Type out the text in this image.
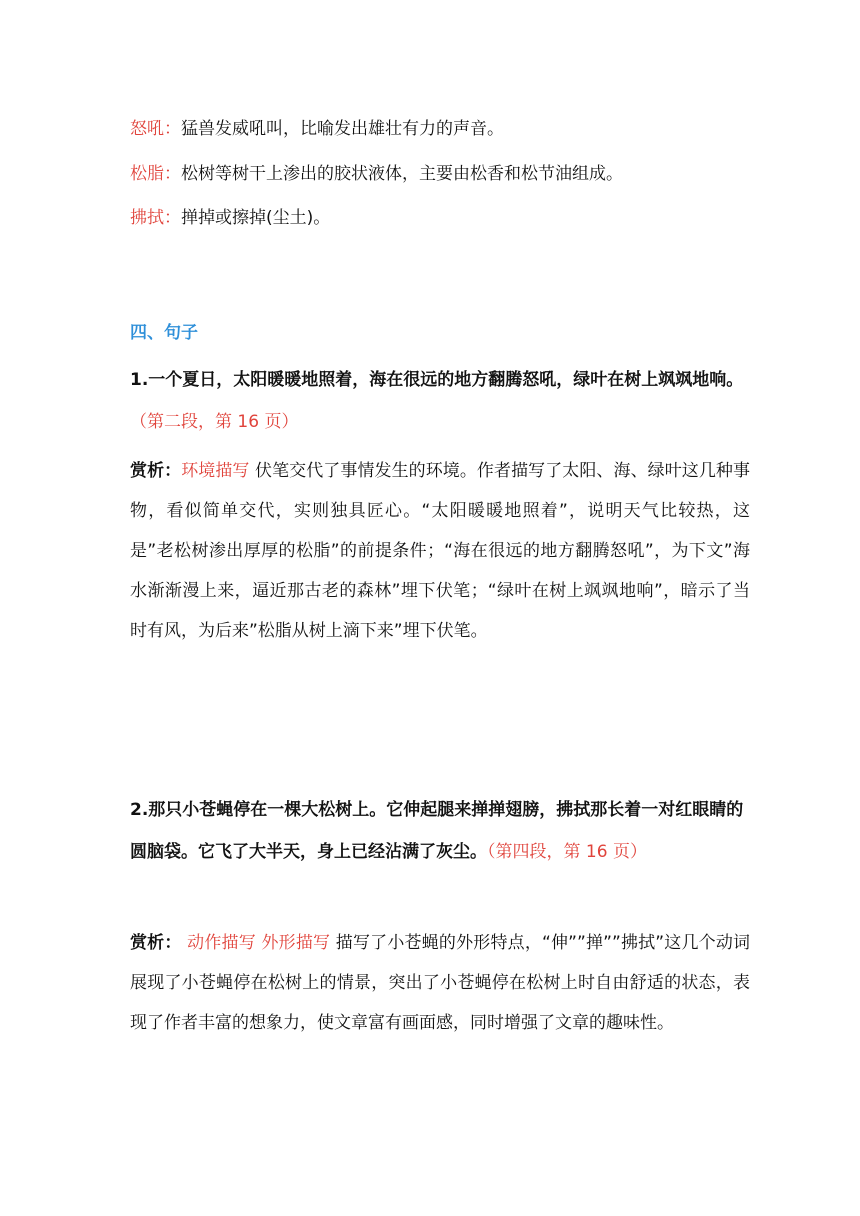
怒吼：猛兽发威吼叫，比喻发出雄壮有力的声音。
松脂：松树等树干上渗出的胶状液体，主要由松香和松节油组成。
拂拭：掸掉或擦掉(尘土)。
四、句子
1.一个夏日，太阳暖暖地照着，海在很远的地方翻腾怒吼，绿叶在树上飒飒地响。（第二段，第 16 页）
赏析：环境描写 伏笔交代了事情发生的环境。作者描写了太阳、海、绿叶这几种事物，看似简单交代，实则独具匠心。“太阳暖暖地照着”，说明天气比较热，这是”老松树渗出厚厚的松脂”的前提条件；“海在很远的地方翻腾怒吼”，为下文”海水渐渐漫上来，逼近那古老的森林”埋下伏笔；“绿叶在树上飒飒地响”，暗示了当时有风，为后来”松脂从树上滴下来”埋下伏笔。
2.那只小苍蝇停在一棵大松树上。它伸起腿来掸掸翅膀，拂拭那长着一对红眼睛的圆脑袋。它飞了大半天，身上已经沾满了灰尘。（第四段，第 16 页）
赏析： 动作描写 外形描写 描写了小苍蝇的外形特点，“伸””掸””拂拭”这几个动词展现了小苍蝇停在松树上的情景，突出了小苍蝇停在松树上时自由舒适的状态，表现了作者丰富的想象力，使文章富有画面感，同时增强了文章的趣味性。
